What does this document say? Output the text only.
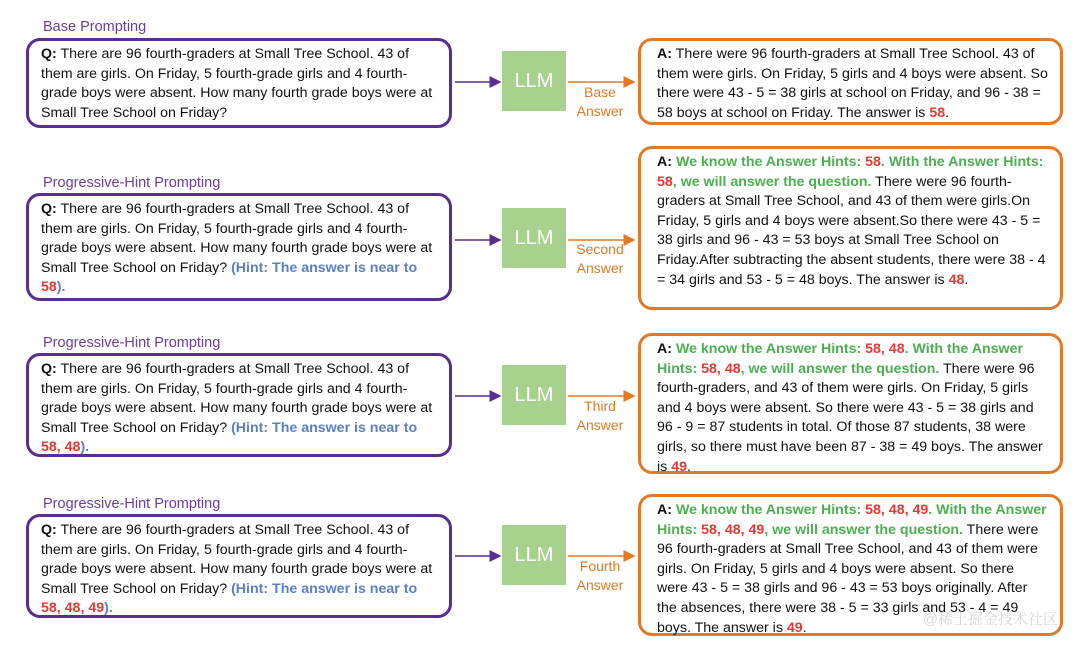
Base Prompting
Q: There are 96 fourth-graders at Small Tree School. 43 of them are girls. On Friday, 5 fourth-grade girls and 4 fourth-grade boys were absent. How many fourth grade boys were at Small Tree School on Friday?
LLM
Base
Answer
A: There were 96 fourth-graders at Small Tree School. 43 of them were girls. On Friday, 5 girls and 4 boys were absent. So there were 43 - 5 = 38 girls at school on Friday, and 96 - 38 = 58 boys at school on Friday. The answer is 58.
Progressive-Hint Prompting
Q: There are 96 fourth-graders at Small Tree School. 43 of them are girls. On Friday, 5 fourth-grade girls and 4 fourth-grade boys were absent. How many fourth grade boys were at Small Tree School on Friday? (Hint: The answer is near to 58).
LLM
Second
Answer
A: We know the Answer Hints: 58. With the Answer Hints: 58, we will answer the question. There were 96 fourth-graders at Small Tree School, and 43 of them were girls.On Friday, 5 girls and 4 boys were absent.So there were 43 - 5 = 38 girls and 96 - 43 = 53 boys at Small Tree School on Friday.After subtracting the absent students, there were 38 - 4 = 34 girls and 53 - 5 = 48 boys. The answer is 48.
Progressive-Hint Prompting
Q: There are 96 fourth-graders at Small Tree School. 43 of them are girls. On Friday, 5 fourth-grade girls and 4 fourth-grade boys were absent. How many fourth grade boys were at Small Tree School on Friday? (Hint: The answer is near to 58, 48).
LLM
Third
Answer
A: We know the Answer Hints: 58, 48. With the Answer Hints: 58, 48, we will answer the question. There were 96 fourth-graders, and 43 of them were girls. On Friday, 5 girls and 4 boys were absent. So there were 43 - 5 = 38 girls and 96 - 9 = 87 students in total. Of those 87 students, 38 were girls, so there must have been 87 - 38 = 49 boys. The answer is 49.
Progressive-Hint Prompting
Q: There are 96 fourth-graders at Small Tree School. 43 of them are girls. On Friday, 5 fourth-grade girls and 4 fourth-grade boys were absent. How many fourth grade boys were at Small Tree School on Friday? (Hint: The answer is near to 58, 48, 49).
LLM
Fourth
Answer
A: We know the Answer Hints: 58, 48, 49. With the Answer Hints: 58, 48, 49, we will answer the question. There were 96 fourth-graders at Small Tree School, and 43 of them were girls. On Friday, 5 girls and 4 boys were absent. So there were 43 - 5 = 38 girls and 96 - 43 = 53 boys originally. After the absences, there were 38 - 5 = 33 girls and 53 - 4 = 49 boys. The answer is 49.	@稀土掘金技术社区
